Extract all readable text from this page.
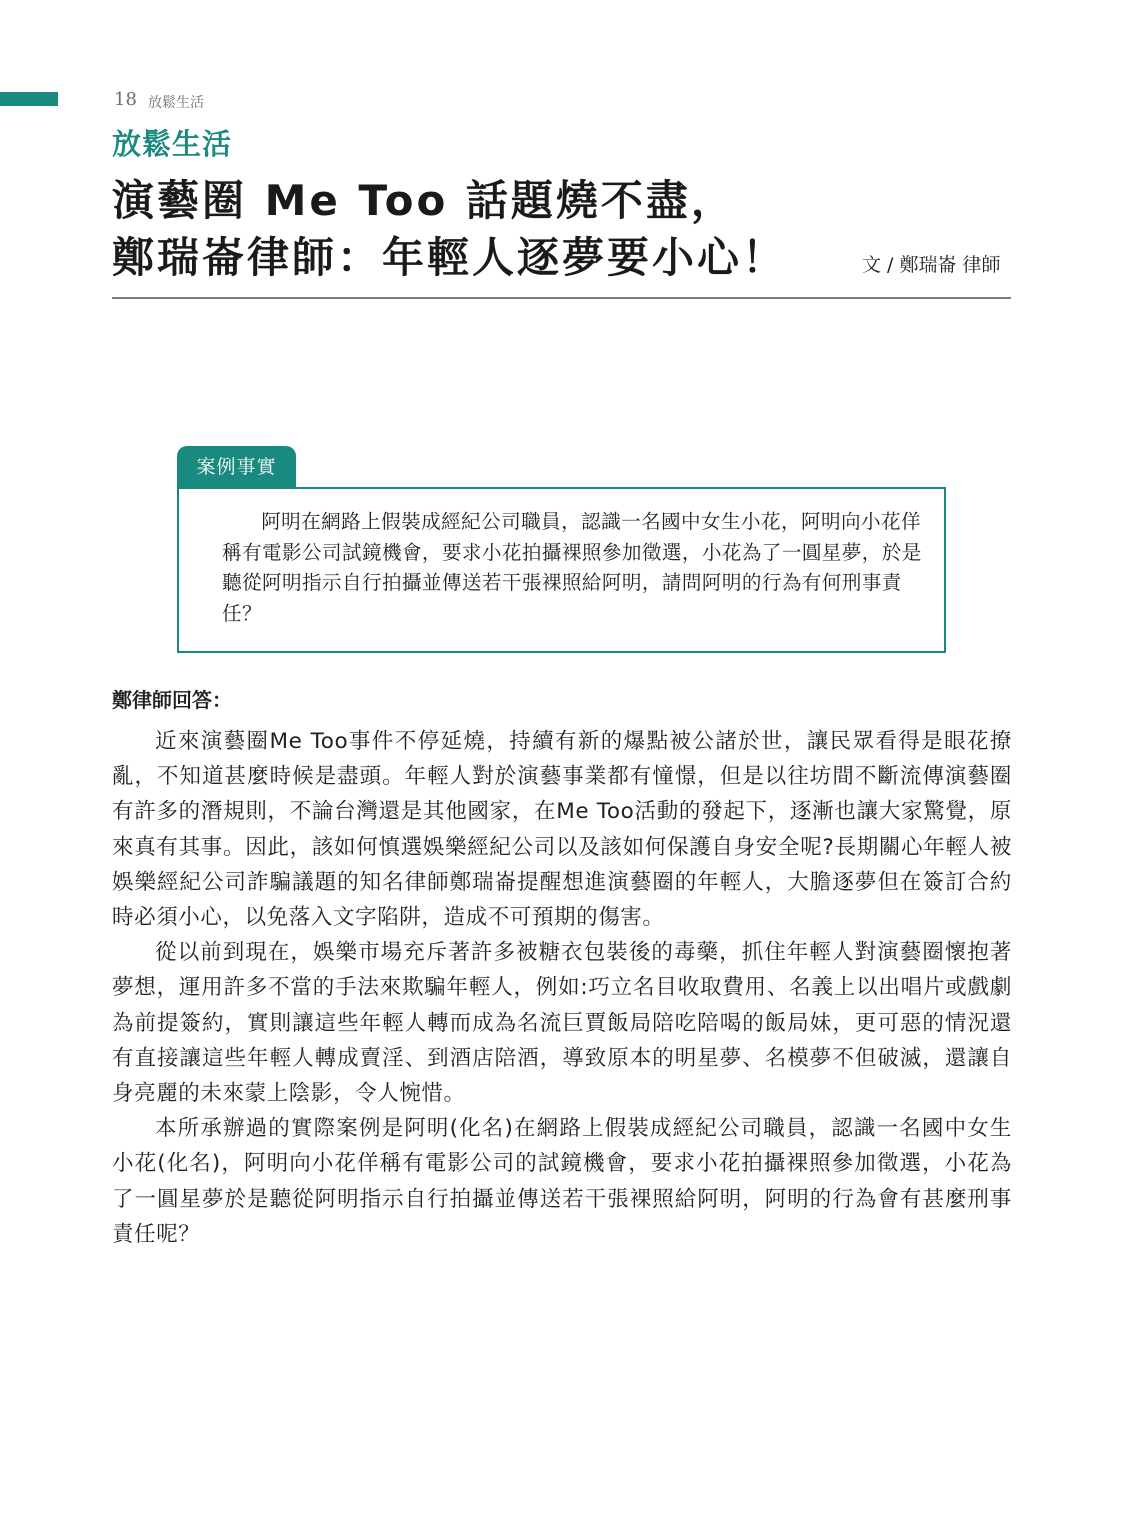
18 放鬆生活
放鬆生活
演藝圈 Me Too 話題燒不盡，
鄭瑞崙律師：年輕人逐夢要小心！	文 / 鄭瑞崙 律師
案例事實

阿明在網路上假裝成經紀公司職員，認識一名國中女生小花，阿明向小花佯稱有電影公司試鏡機會，要求小花拍攝裸照參加徵選，小花為了一圓星夢，於是聽從阿明指示自行拍攝並傳送若干張裸照給阿明，請問阿明的行為有何刑事責任？

鄭律師回答：

近來演藝圈Me Too事件不停延燒，持續有新的爆點被公諸於世，讓民眾看得是眼花撩亂，不知道甚麼時候是盡頭。年輕人對於演藝事業都有憧憬，但是以往坊間不斷流傳演藝圈有許多的潛規則，不論台灣還是其他國家，在Me Too活動的發起下，逐漸也讓大家驚覺，原來真有其事。因此，該如何慎選娛樂經紀公司以及該如何保護自身安全呢?長期關心年輕人被娛樂經紀公司詐騙議題的知名律師鄭瑞崙提醒想進演藝圈的年輕人，大膽逐夢但在簽訂合約時必須小心，以免落入文字陷阱，造成不可預期的傷害。

從以前到現在，娛樂市場充斥著許多被糖衣包裝後的毒藥，抓住年輕人對演藝圈懷抱著夢想，運用許多不當的手法來欺騙年輕人，例如:巧立名目收取費用、名義上以出唱片或戲劇為前提簽約，實則讓這些年輕人轉而成為名流巨賈飯局陪吃陪喝的飯局妹，更可惡的情況還有直接讓這些年輕人轉成賣淫、到酒店陪酒，導致原本的明星夢、名模夢不但破滅，還讓自身亮麗的未來蒙上陰影，令人惋惜。

本所承辦過的實際案例是阿明(化名)在網路上假裝成經紀公司職員，認識一名國中女生小花(化名)，阿明向小花佯稱有電影公司的試鏡機會，要求小花拍攝裸照參加徵選，小花為了一圓星夢於是聽從阿明指示自行拍攝並傳送若干張裸照給阿明，阿明的行為會有甚麼刑事責任呢？
